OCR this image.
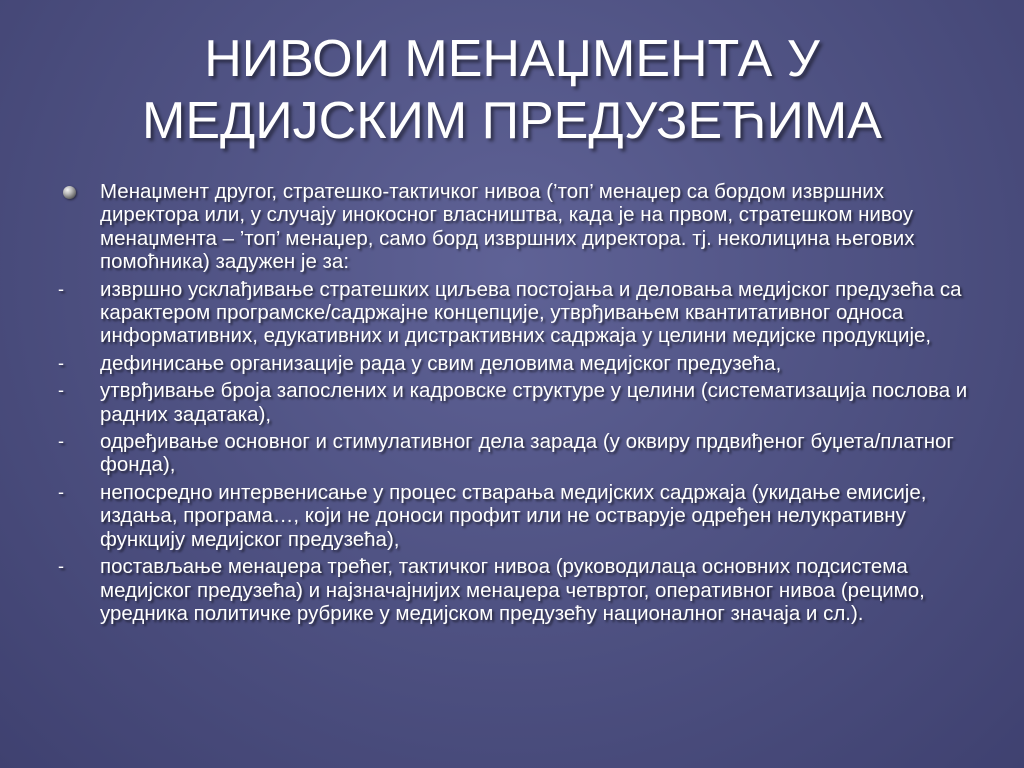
НИВОИ МЕНАЏМЕНТА У
МЕДИЈСКИМ ПРЕДУЗЕЋИМА
Менаџмент другог, стратешко-тактичког нивоа (’топ’ менаџер са бордом извршних директора или, у случају инокосног власништва, када је на првом, стратешком нивоу менаџмента – ’топ’ менаџер, само борд извршних директора. тј. неколицина његових помоћника) задужен је за:
-	извршно усклађивање стратешких циљева постојања и деловања медијског предузећа са карактером програмске/садржајне концепције, утврђивањем квантитативног односа информативних, едукативних и дистрактивних садржаја у целини медијске продукције,
-	дефинисање организације рада у свим деловима медијског предузећа,
-	утврђивање броја запослених и кадровске структуре у целини (систематизација послова и радних задатака),
-	одређивање основног и стимулативног дела зарада (у оквиру прдвиђеног буџета/платног фонда),
-	непосредно интервенисање у процес стварања медијских садржаја (укидање емисије, издања, програма…, који не доноси профит или не остварује одређен нелукративну функцију медијског предузећа),
-	постављање менаџера трећег, тактичког нивоа (руководилаца основних подсистема медијског предузећа) и најзначајнијих менаџера четвртог, оперативног нивоа (рецимо, уредника политичке рубрике у медијском предузећу националног значаја и сл.).
